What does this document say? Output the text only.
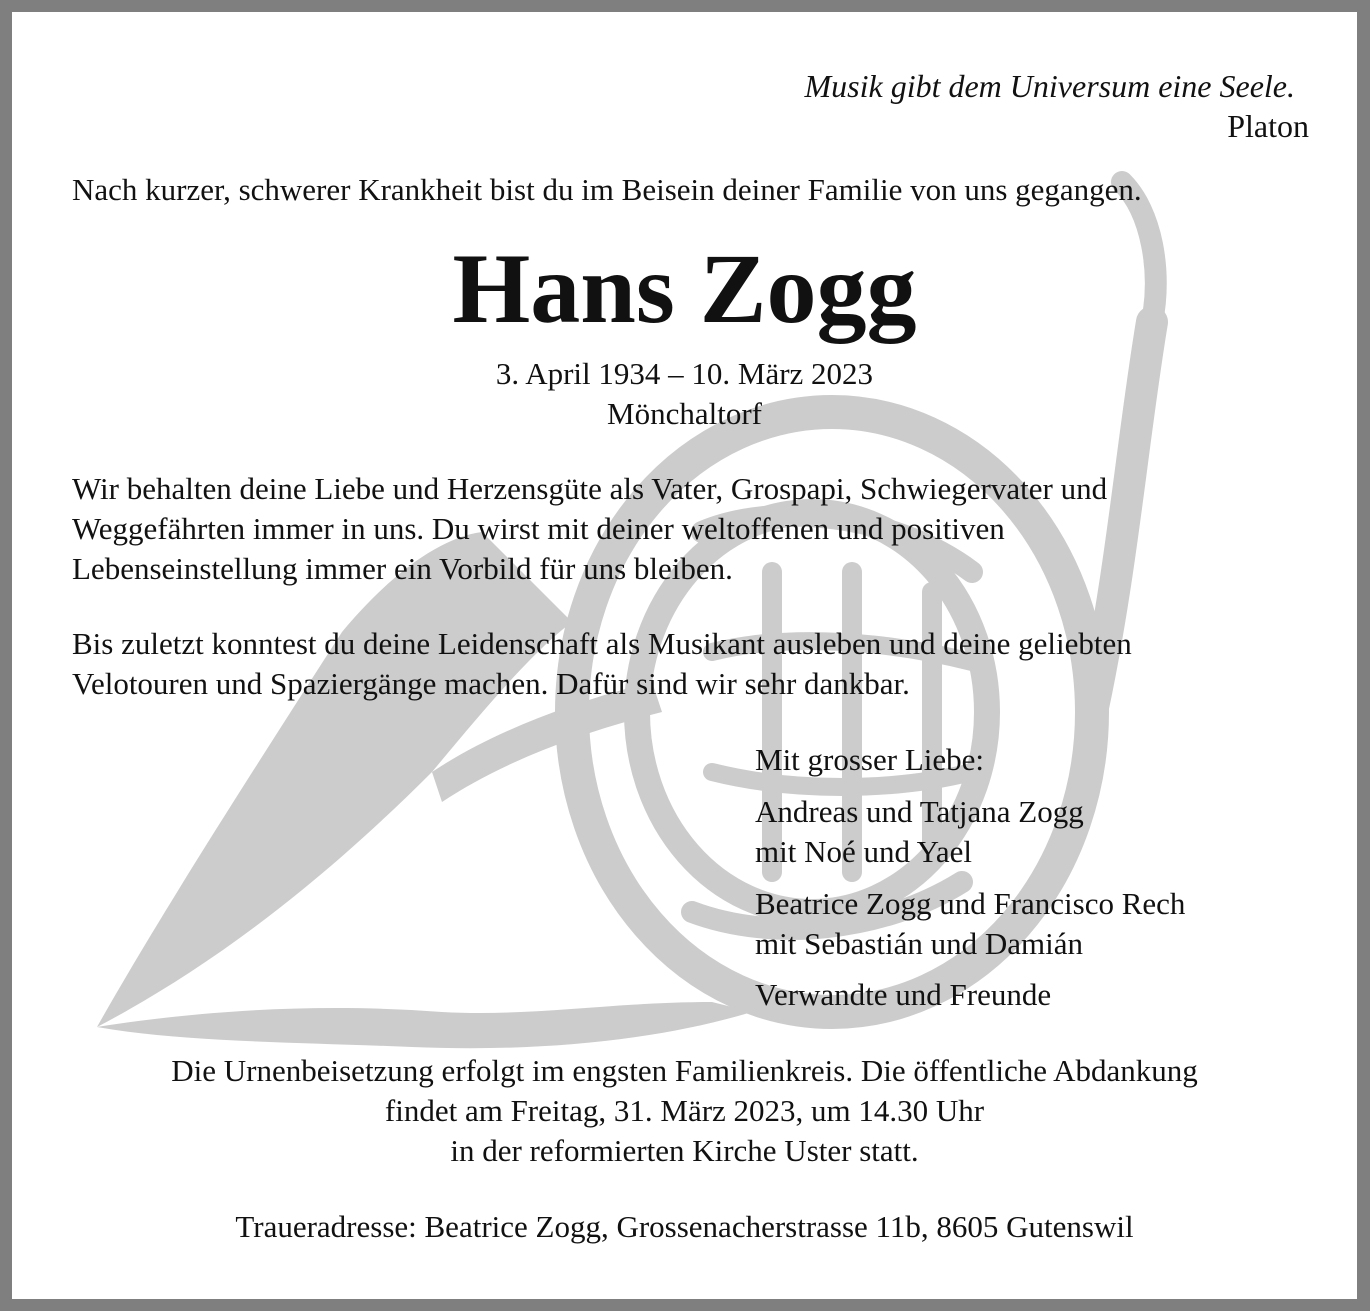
Musik gibt dem Universum eine Seele.
Platon
Nach kurzer, schwerer Krankheit bist du im Beisein deiner Familie von uns gegangen.
Hans Zogg
3. April 1934 – 10. März 2023
Mönchaltorf
Wir behalten deine Liebe und Herzensgüte als Vater, Grospapi, Schwiegervater und
Weggefährten immer in uns. Du wirst mit deiner weltoffenen und positiven
Lebenseinstellung immer ein Vorbild für uns bleiben.
Bis zuletzt konntest du deine Leidenschaft als Musikant ausleben und deine geliebten
Velotouren und Spaziergänge machen. Dafür sind wir sehr dankbar.
Mit grosser Liebe:
Andreas und Tatjana Zogg
mit Noé und Yael
Beatrice Zogg und Francisco Rech
mit Sebastián und Damián
Verwandte und Freunde
Die Urnenbeisetzung erfolgt im engsten Familienkreis. Die öffentliche Abdankung
findet am Freitag, 31. März 2023, um 14.30 Uhr
in der reformierten Kirche Uster statt.
Traueradresse: Beatrice Zogg, Grossenacherstrasse 11b, 8605 Gutenswil
